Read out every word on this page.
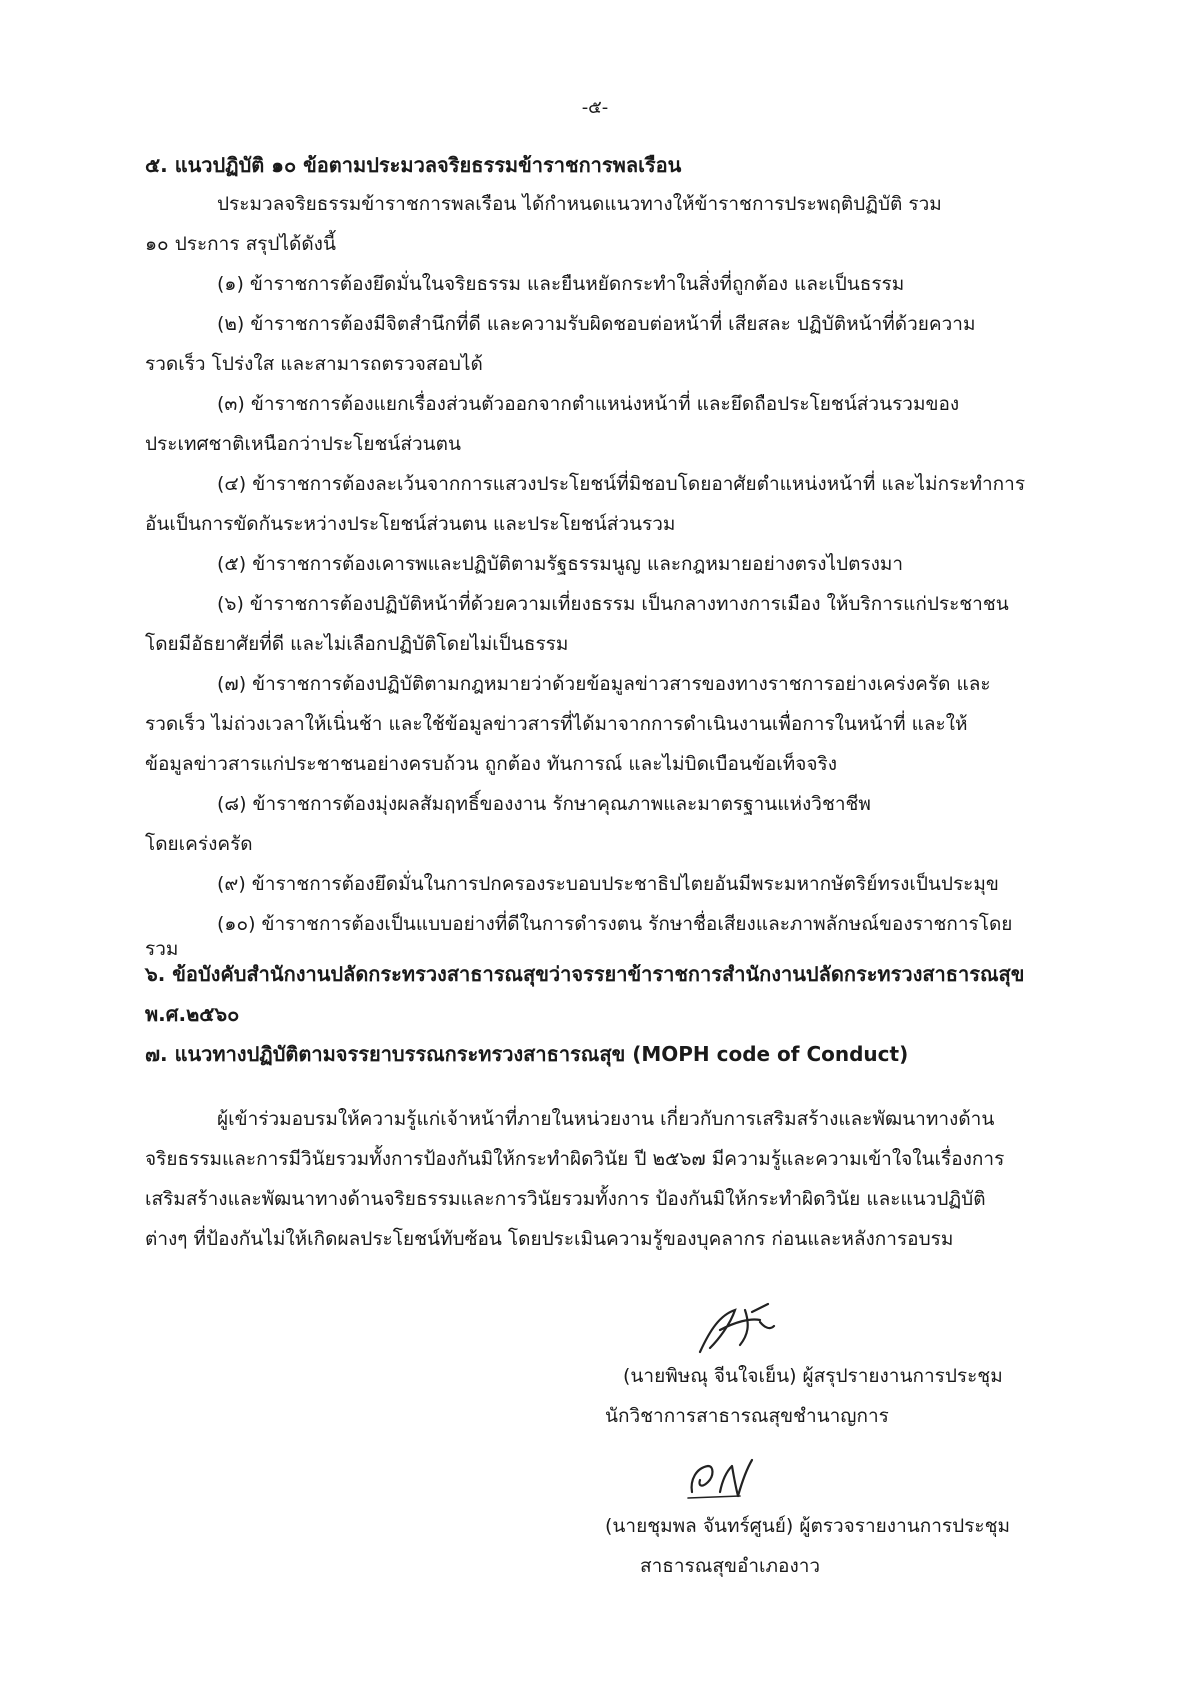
-๕-
๕. แนวปฏิบัติ ๑๐ ข้อตามประมวลจริยธรรมข้าราชการพลเรือน
ประมวลจริยธรรมข้าราชการพลเรือน ได้กำหนดแนวทางให้ข้าราชการประพฤติปฏิบัติ รวม
๑๐ ประการ สรุปได้ดังนี้
(๑) ข้าราชการต้องยึดมั่นในจริยธรรม และยืนหยัดกระทำในสิ่งที่ถูกต้อง และเป็นธรรม
(๒) ข้าราชการต้องมีจิตสำนึกที่ดี และความรับผิดชอบต่อหน้าที่ เสียสละ ปฏิบัติหน้าที่ด้วยความ
รวดเร็ว โปร่งใส และสามารถตรวจสอบได้
(๓) ข้าราชการต้องแยกเรื่องส่วนตัวออกจากตำแหน่งหน้าที่ และยึดถือประโยชน์ส่วนรวมของ
ประเทศชาติเหนือกว่าประโยชน์ส่วนตน
(๔) ข้าราชการต้องละเว้นจากการแสวงประโยชน์ที่มิชอบโดยอาศัยตำแหน่งหน้าที่ และไม่กระทำการ
อันเป็นการขัดกันระหว่างประโยชน์ส่วนตน และประโยชน์ส่วนรวม
(๕) ข้าราชการต้องเคารพและปฏิบัติตามรัฐธรรมนูญ และกฎหมายอย่างตรงไปตรงมา
(๖) ข้าราชการต้องปฏิบัติหน้าที่ด้วยความเที่ยงธรรม เป็นกลางทางการเมือง ให้บริการแก่ประชาชน
โดยมีอัธยาศัยที่ดี และไม่เลือกปฏิบัติโดยไม่เป็นธรรม
(๗) ข้าราชการต้องปฏิบัติตามกฎหมายว่าด้วยข้อมูลข่าวสารของทางราชการอย่างเคร่งครัด และ
รวดเร็ว ไม่ถ่วงเวลาให้เนิ่นช้า และใช้ข้อมูลข่าวสารที่ได้มาจากการดำเนินงานเพื่อการในหน้าที่ และให้
ข้อมูลข่าวสารแก่ประชาชนอย่างครบถ้วน ถูกต้อง ทันการณ์ และไม่บิดเบือนข้อเท็จจริง
(๘) ข้าราชการต้องมุ่งผลสัมฤทธิ์ของงาน รักษาคุณภาพและมาตรฐานแห่งวิชาชีพ
โดยเคร่งครัด
(๙) ข้าราชการต้องยึดมั่นในการปกครองระบอบประชาธิปไตยอันมีพระมหากษัตริย์ทรงเป็นประมุข
(๑๐) ข้าราชการต้องเป็นแบบอย่างที่ดีในการดำรงตน รักษาชื่อเสียงและภาพลักษณ์ของราชการโดยรวม
๖. ข้อบังคับสำนักงานปลัดกระทรวงสาธารณสุขว่าจรรยาข้าราชการสำนักงานปลัดกระทรวงสาธารณสุข
พ.ศ.๒๕๖๐
๗. แนวทางปฏิบัติตามจรรยาบรรณกระทรวงสาธารณสุข (MOPH code of Conduct)
ผู้เข้าร่วมอบรมให้ความรู้แก่เจ้าหน้าที่ภายในหน่วยงาน เกี่ยวกับการเสริมสร้างและพัฒนาทางด้าน
จริยธรรมและการมีวินัยรวมทั้งการป้องกันมิให้กระทำผิดวินัย ปี ๒๕๖๗ มีความรู้และความเข้าใจในเรื่องการ
เสริมสร้างและพัฒนาทางด้านจริยธรรมและการวินัยรวมทั้งการ ป้องกันมิให้กระทำผิดวินัย และแนวปฏิบัติ
ต่างๆ ที่ป้องกันไม่ให้เกิดผลประโยชน์ทับซ้อน โดยประเมินความรู้ของบุคลากร ก่อนและหลังการอบรม
(นายพิษณุ จีนใจเย็น) ผู้สรุปรายงานการประชุม
นักวิชาการสาธารณสุขชำนาญการ
(นายชุมพล จันทร์ศูนย์) ผู้ตรวจรายงานการประชุม
สาธารณสุขอำเภองาว
